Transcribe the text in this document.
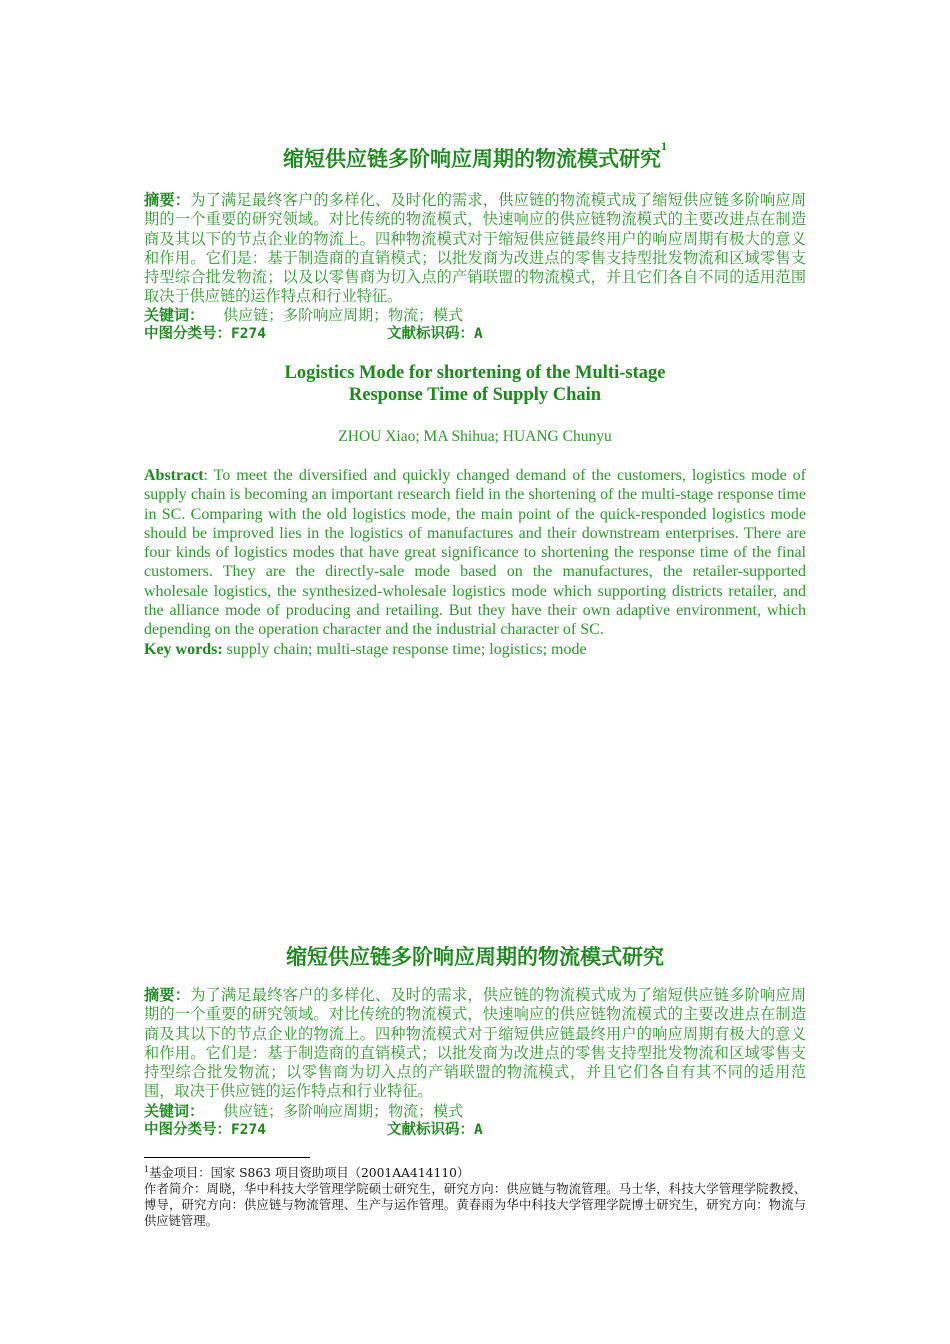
缩短供应链多阶响应周期的物流模式研究$^1$
摘要：为了满足最终客户的多样化、及时化的需求，供应链的物流模式成了缩短供应链多阶响应周期的一个重要的研究领域。对比传统的物流模式，快速响应的供应链物流模式的主要改进点在制造商及其以下的节点企业的物流上。四种物流模式对于缩短供应链最终用户的响应周期有极大的意义和作用。它们是：基于制造商的直销模式；以批发商为改进点的零售支持型批发物流和区域零售支持型综合批发物流；以及以零售商为切入点的产销联盟的物流模式，并且它们各自不同的适用范围取决于供应链的运作特点和行业特征。
关键词： 供应链；多阶响应周期；物流；模式
中图分类号：F274	文献标识码：A
Logistics Mode for shortening of the Multi-stage
Response Time of Supply Chain
ZHOU Xiao; MA Shihua; HUANG Chunyu
Abstract: To meet the diversified and quickly changed demand of the customers, logistics mode of supply chain is becoming an important research field in the shortening of the multi-stage response time in SC. Comparing with the old logistics mode, the main point of the quick-responded logistics mode should be improved lies in the logistics of manufactures and their downstream enterprises. There are four kinds of logistics modes that have great significance to shortening the response time of the final customers. They are the directly-sale mode based on the manufactures, the retailer-supported wholesale logistics, the synthesized-wholesale logistics mode which supporting districts retailer, and the alliance mode of producing and retailing. But they have their own adaptive environment, which depending on the operation character and the industrial character of SC.
Key words: supply chain; multi-stage response time; logistics; mode
缩短供应链多阶响应周期的物流模式研究
摘要：为了满足最终客户的多样化、及时的需求，供应链的物流模式成为了缩短供应链多阶响应周期的一个重要的研究领域。对比传统的物流模式，快速响应的供应链物流模式的主要改进点在制造商及其以下的节点企业的物流上。四种物流模式对于缩短供应链最终用户的响应周期有极大的意义和作用。它们是：基于制造商的直销模式；以批发商为改进点的零售支持型批发物流和区域零售支持型综合批发物流；以零售商为切入点的产销联盟的物流模式，并且它们各自有其不同的适用范围，取决于供应链的运作特点和行业特征。
关键词： 供应链；多阶响应周期；物流；模式
中图分类号：F274	文献标识码：A
$^1$基金项目：国家 S863 项目资助项目（2001AA414110）
作者简介：周晓，华中科技大学管理学院硕士研究生，研究方向：供应链与物流管理。马士华，科技大学管理学院教授、博导，研究方向：供应链与物流管理、生产与运作管理。黄春雨为华中科技大学管理学院博士研究生，研究方向：物流与供应链管理。
